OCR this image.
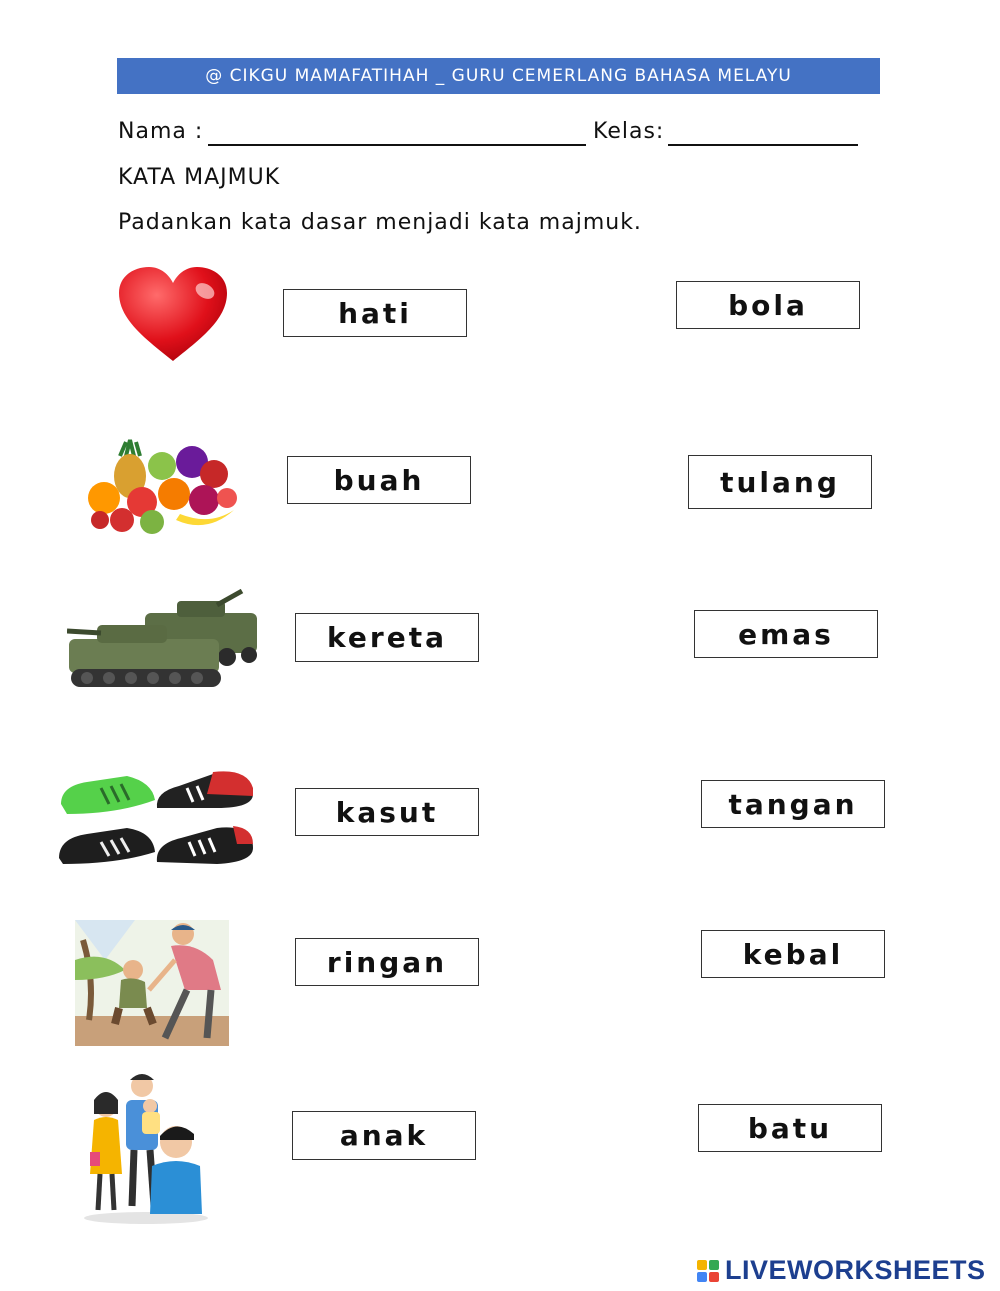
@ CIKGU MAMAFATIHAH _ GURU CEMERLANG BAHASA MELAYU
Nama :	Kelas:
KATA MAJMUK
Padankan kata dasar menjadi kata majmuk.
hati
buah
kereta
kasut
ringan
anak
bola
tulang
emas
tangan
kebal
batu
LIVEWORKSHEETS
